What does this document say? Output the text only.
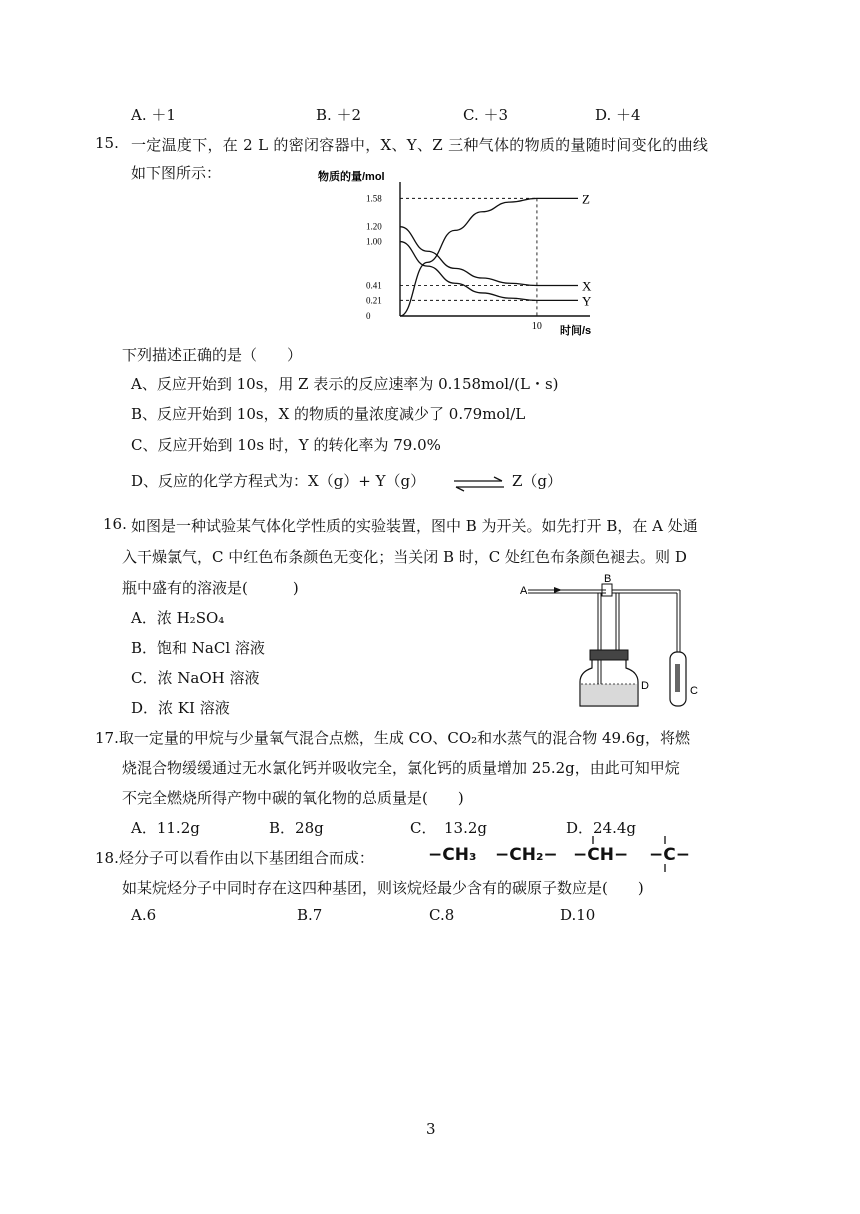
A. ＋1	B. ＋2	C. ＋3	D. ＋4
15. 一定温度下，在 2 L 的密闭容器中，X、Y、Z 三种气体的物质的量随时间变化的曲线
如下图所示：	物质的量/mol
1.58
1.20
1.00
0.41
0.21
0
10
Z
X
Y
时间/s
下列描述正确的是（　　）
A、反应开始到 10s，用 Z 表示的反应速率为 0.158mol/(L・s)
B、反应开始到 10s，X 的物质的量浓度减少了 0.79mol/L
C、反应开始到 10s 时，Y 的转化率为 79.0%
D、反应的化学方程式为：X（g）+ Y（g） ⇌ Z（g）
16. 如图是一种试验某气体化学性质的实验装置，图中 B 为开关。如先打开 B，在 A 处通
入干燥氯气，C 中红色布条颜色无变化；当关闭 B 时，C 处红色布条颜色褪去。则 D
瓶中盛有的溶液是(　　　)
A．浓 H₂SO₄
B．饱和 NaCl 溶液
C．浓 NaOH 溶液
D．浓 KI 溶液
A
B
D	C
17.取一定量的甲烷与少量氧气混合点燃，生成 CO、CO₂和水蒸气的混合物 49.6g，将燃
烧混合物缓缓通过无水氯化钙并吸收完全，氯化钙的质量增加 25.2g，由此可知甲烷
不完全燃烧所得产物中碳的氧化物的总质量是(　　)
A．11.2g	B．28g	C．　13.2g	D．24.4g
18.烃分子可以看作由以下基团组合而成：	−CH₃ −CH₂− −CH− −C−
如某烷烃分子中同时存在这四种基团，则该烷烃最少含有的碳原子数应是(　　)
A.6	B.7	C.8	D.10
3
